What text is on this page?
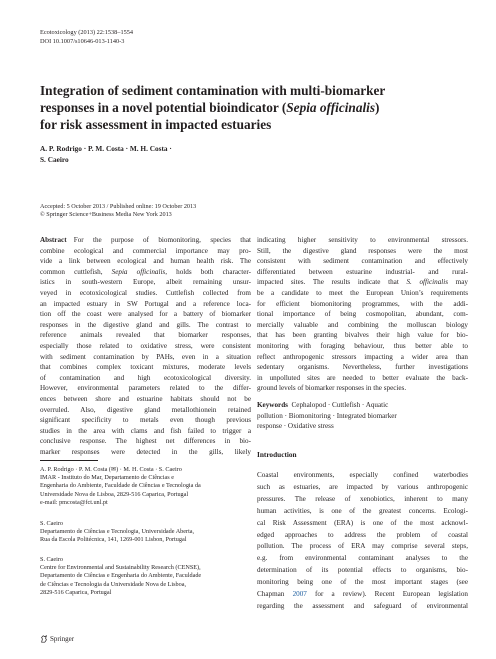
Ecotoxicology (2013) 22:1538–1554
DOI 10.1007/s10646-013-1140-3
Integration of sediment contamination with multi-biomarker
responses in a novel potential bioindicator (Sepia officinalis)
for risk assessment in impacted estuaries
A. P. Rodrigo · P. M. Costa · M. H. Costa ·
S. Caeiro
Accepted: 5 October 2013 / Published online: 19 October 2013
© Springer Science+Business Media New York 2013
Abstract   For the purpose of biomonitoring, species that
combine ecological and commercial importance may pro-
vide a link between ecological and human health risk. The
common cuttlefish, Sepia officinalis, holds both character-
istics in south-western Europe, albeit remaining unsur-
veyed in ecotoxicological studies. Cuttlefish collected from
an impacted estuary in SW Portugal and a reference loca-
tion off the coast were analysed for a battery of biomarker
responses in the digestive gland and gills. The contrast to
reference animals revealed that biomarker responses,
especially those related to oxidative stress, were consistent
with sediment contamination by PAHs, even in a situation
that combines complex toxicant mixtures, moderate levels
of contamination and high ecotoxicological diversity.
However, environmental parameters related to the differ-
ences between shore and estuarine habitats should not be
overruled. Also, digestive gland metallothionein retained
significant specificity to metals even though previous
studies in the area with clams and fish failed to trigger a
conclusive response. The highest net differences in bio-
marker responses were detected in the gills, likely
indicating higher sensitivity to environmental stressors.
Still, the digestive gland responses were the most
consistent with sediment contamination and effectively
differentiated between estuarine industrial- and rural-
impacted sites. The results indicate that S. officinalis may
be a candidate to meet the European Union’s requirements
for efficient biomonitoring programmes, with the addi-
tional importance of being cosmopolitan, abundant, com-
mercially valuable and combining the molluscan biology
that has been granting bivalves their high value for bio-
monitoring with foraging behaviour, thus better able to
reflect anthropogenic stressors impacting a wider area than
sedentary organisms. Nevertheless, further investigations
in unpolluted sites are needed to better evaluate the back-
ground levels of biomarker responses in the species.
Keywords Cephalopod · Cuttlefish · Aquatic
pollution · Biomonitoring · Integrated biomarker
response · Oxidative stress
A. P. Rodrigo · P. M. Costa (✉) · M. H. Costa · S. Caeiro
IMAR - Instituto do Mar, Departamento de Ciências e
Engenharia do Ambiente, Faculdade de Ciências e Tecnologia da
Universidade Nova de Lisboa, 2829-516 Caparica, Portugal
e-mail: pmcosta@fct.unl.pt
S. Caeiro
Departamento de Ciências e Tecnologia, Universidade Aberta,
Rua da Escola Politécnica, 141, 1269-001 Lisbon, Portugal
S. Caeiro
Centre for Environmental and Sustainability Research (CENSE),
Departamento de Ciências e Engenharia do Ambiente, Faculdade
de Ciências e Tecnologia da Universidade Nova de Lisboa,
2829-516 Caparica, Portugal
Introduction
Coastal environments, especially confined waterbodies
such as estuaries, are impacted by various anthropogenic
pressures. The release of xenobiotics, inherent to many
human activities, is one of the greatest concerns. Ecologi-
cal Risk Assessment (ERA) is one of the most acknowl-
edged approaches to address the problem of coastal
pollution. The process of ERA may comprise several steps,
e.g. from environmental contaminant analyses to the
determination of its potential effects to organisms, bio-
monitoring being one of the most important stages (see
Chapman 2007 for a review). Recent European legislation
regarding the assessment and safeguard of environmental
Springer
